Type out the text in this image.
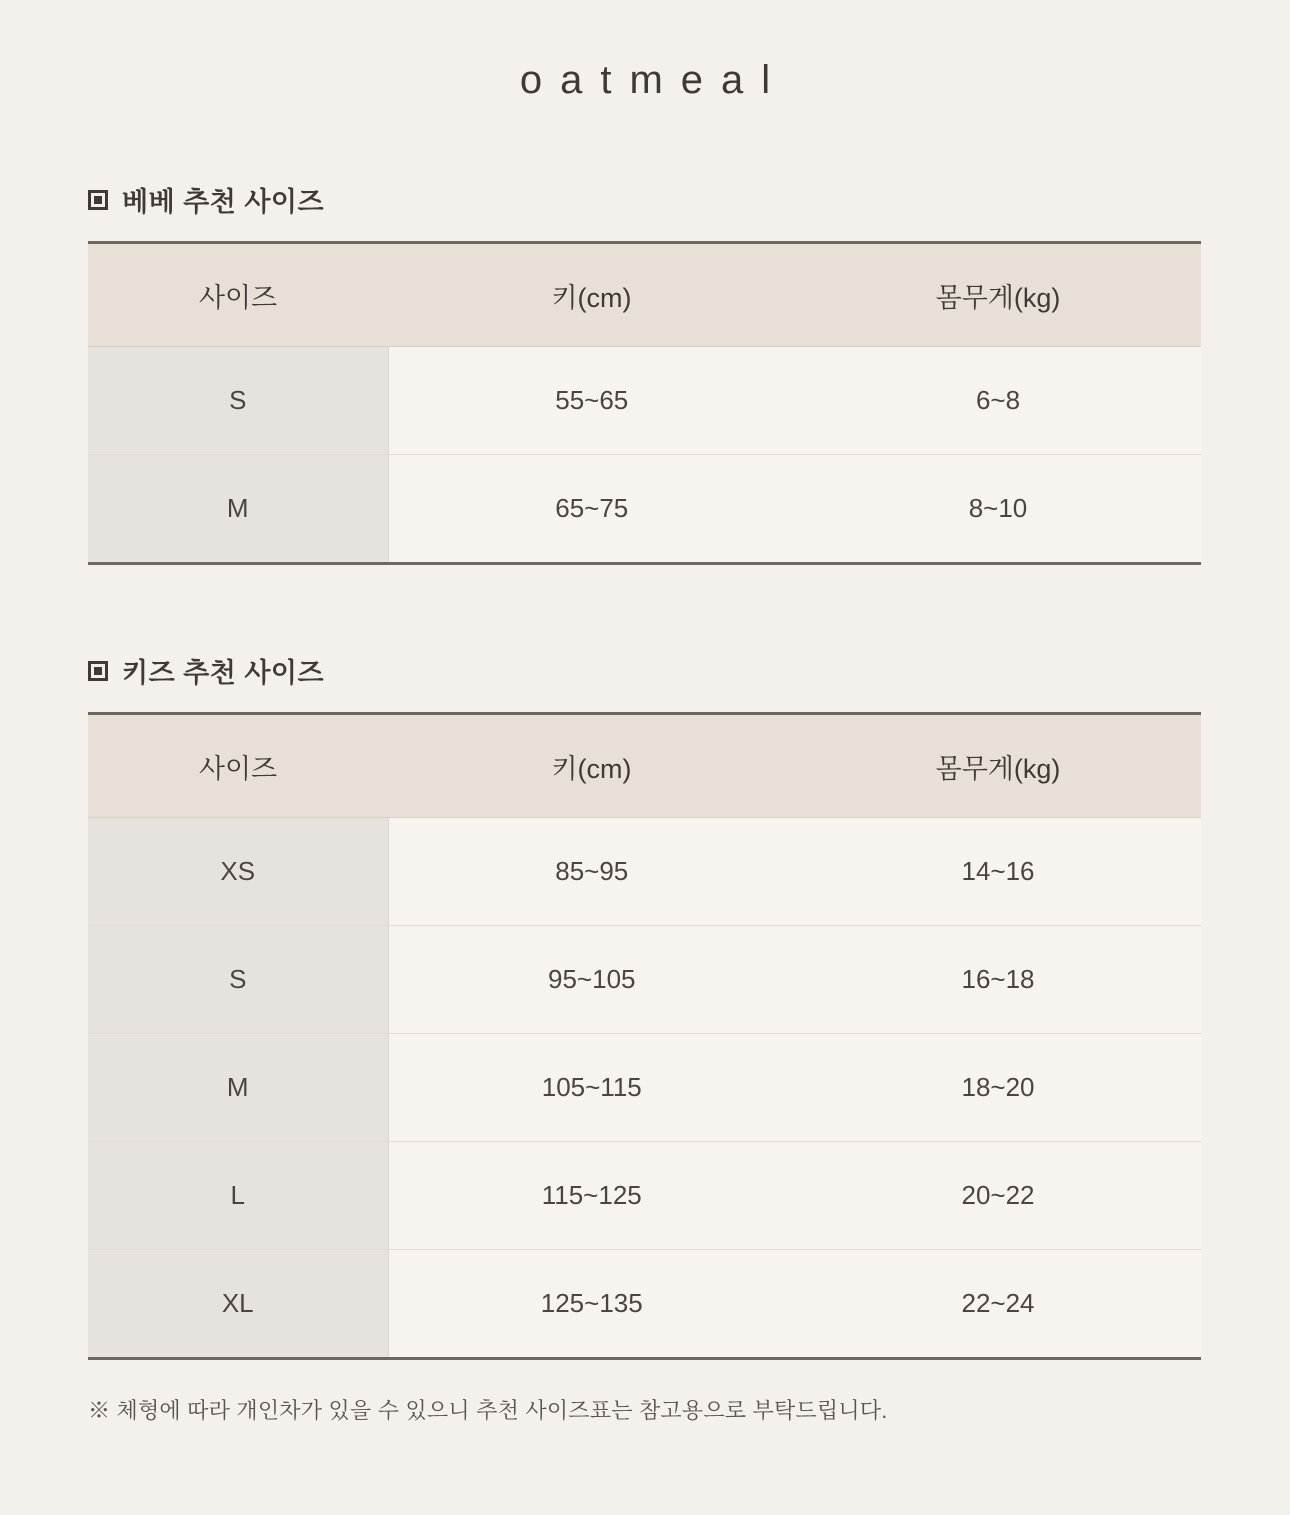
oatmeal
베베 추천 사이즈
사이즈	키(cm)	몸무게(kg)
S	55~65	6~8
M	65~75	8~10
키즈 추천 사이즈
사이즈	키(cm)	몸무게(kg)
XS	85~95	14~16
S	95~105	16~18
M	105~115	18~20
L	115~125	20~22
XL	125~135	22~24
※ 체형에 따라 개인차가 있을 수 있으니 추천 사이즈표는 참고용으로 부탁드립니다.
